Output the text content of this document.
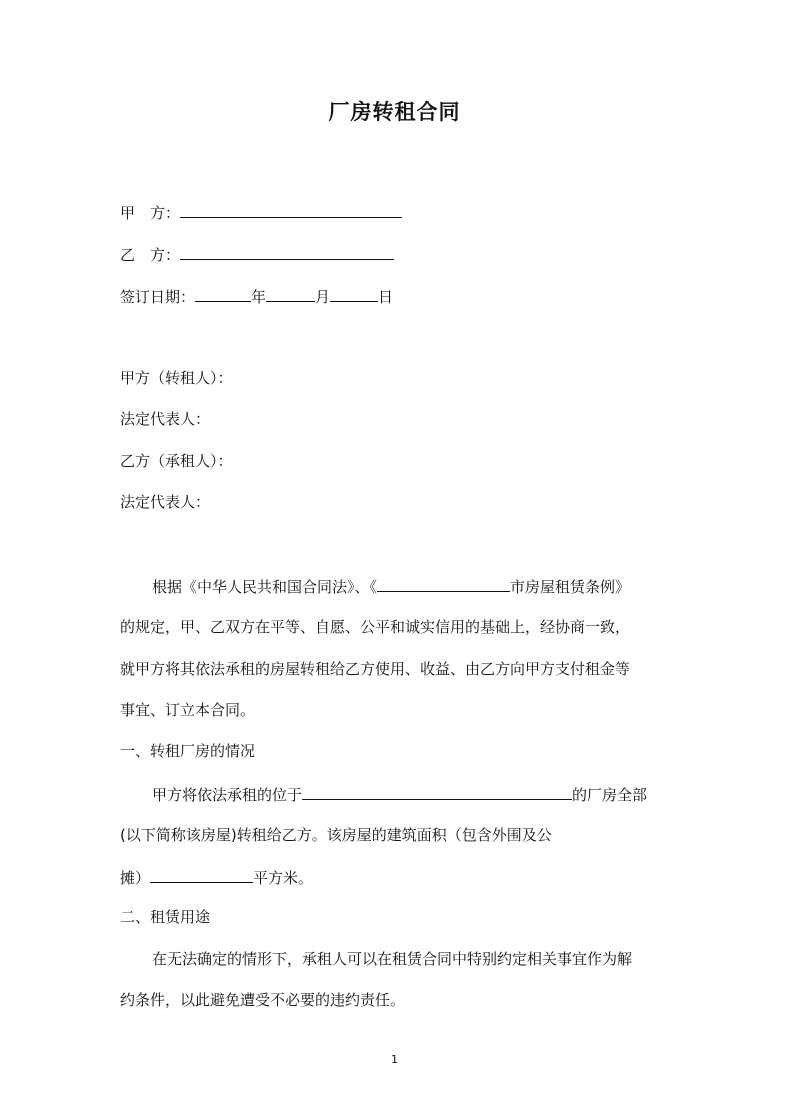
厂房转租合同
甲　方：
乙　方：
签订日期：	年	月	日
甲方（转租人）：
法定代表人：
乙方（承租人）：
法定代表人：
根据《中华人民共和国合同法》、《	市房屋租赁条例》
的规定，甲、乙双方在平等、自愿、公平和诚实信用的基础上，经协商一致，
就甲方将其依法承租的房屋转租给乙方使用、收益、由乙方向甲方支付租金等
事宜、订立本合同。
一、转租厂房的情况
甲方将依法承租的位于	的厂房全部
(以下简称该房屋)转租给乙方。该房屋的建筑面积（包含外围及公
摊）	平方米。
二、租赁用途
在无法确定的情形下，承租人可以在租赁合同中特别约定相关事宜作为解
约条件，以此避免遭受不必要的违约责任。
1
